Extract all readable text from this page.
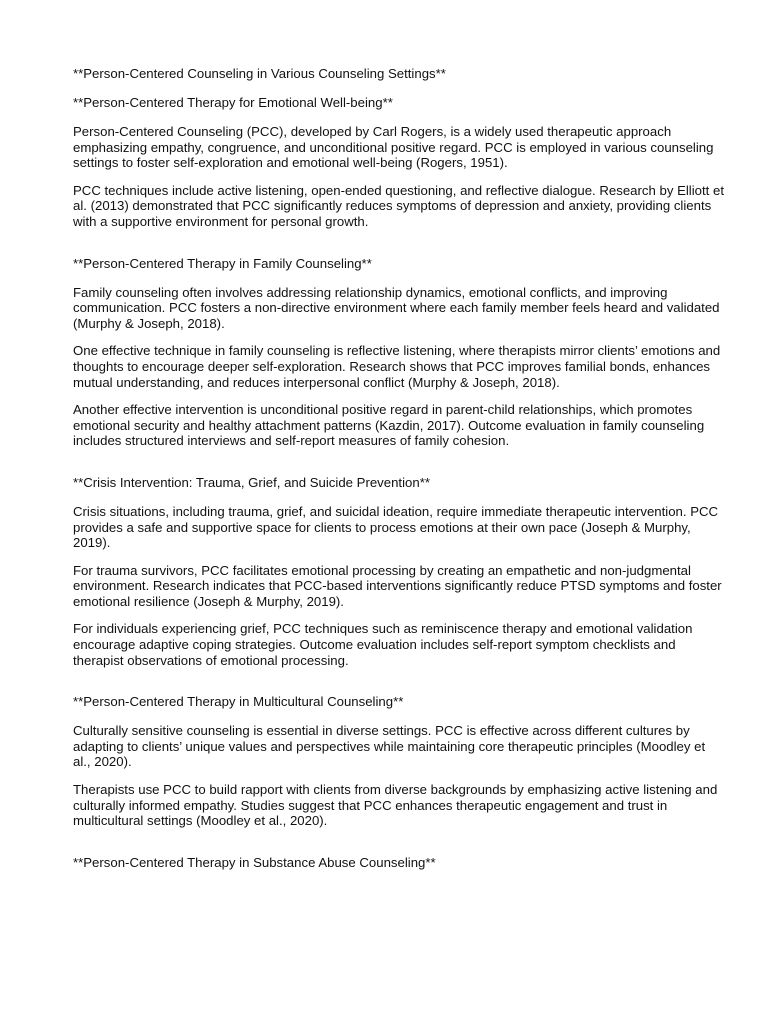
**Person-Centered Counseling in Various Counseling Settings**

**Person-Centered Therapy for Emotional Well-being**

Person-Centered Counseling (PCC), developed by Carl Rogers, is a widely used therapeutic approach emphasizing empathy, congruence, and unconditional positive regard. PCC is employed in various counseling settings to foster self-exploration and emotional well-being (Rogers, 1951).

PCC techniques include active listening, open-ended questioning, and reflective dialogue. Research by Elliott et al. (2013) demonstrated that PCC significantly reduces symptoms of depression and anxiety, providing clients with a supportive environment for personal growth.

**Person-Centered Therapy in Family Counseling**

Family counseling often involves addressing relationship dynamics, emotional conflicts, and improving communication. PCC fosters a non-directive environment where each family member feels heard and validated (Murphy & Joseph, 2018).

One effective technique in family counseling is reflective listening, where therapists mirror clients’ emotions and thoughts to encourage deeper self-exploration. Research shows that PCC improves familial bonds, enhances mutual understanding, and reduces interpersonal conflict (Murphy & Joseph, 2018).

Another effective intervention is unconditional positive regard in parent-child relationships, which promotes emotional security and healthy attachment patterns (Kazdin, 2017). Outcome evaluation in family counseling includes structured interviews and self-report measures of family cohesion.

**Crisis Intervention: Trauma, Grief, and Suicide Prevention**

Crisis situations, including trauma, grief, and suicidal ideation, require immediate therapeutic intervention. PCC provides a safe and supportive space for clients to process emotions at their own pace (Joseph & Murphy, 2019).

For trauma survivors, PCC facilitates emotional processing by creating an empathetic and non-judgmental environment. Research indicates that PCC-based interventions significantly reduce PTSD symptoms and foster emotional resilience (Joseph & Murphy, 2019).

For individuals experiencing grief, PCC techniques such as reminiscence therapy and emotional validation encourage adaptive coping strategies. Outcome evaluation includes self-report symptom checklists and therapist observations of emotional processing.

**Person-Centered Therapy in Multicultural Counseling**

Culturally sensitive counseling is essential in diverse settings. PCC is effective across different cultures by adapting to clients’ unique values and perspectives while maintaining core therapeutic principles (Moodley et al., 2020).

Therapists use PCC to build rapport with clients from diverse backgrounds by emphasizing active listening and culturally informed empathy. Studies suggest that PCC enhances therapeutic engagement and trust in multicultural settings (Moodley et al., 2020).

**Person-Centered Therapy in Substance Abuse Counseling**
